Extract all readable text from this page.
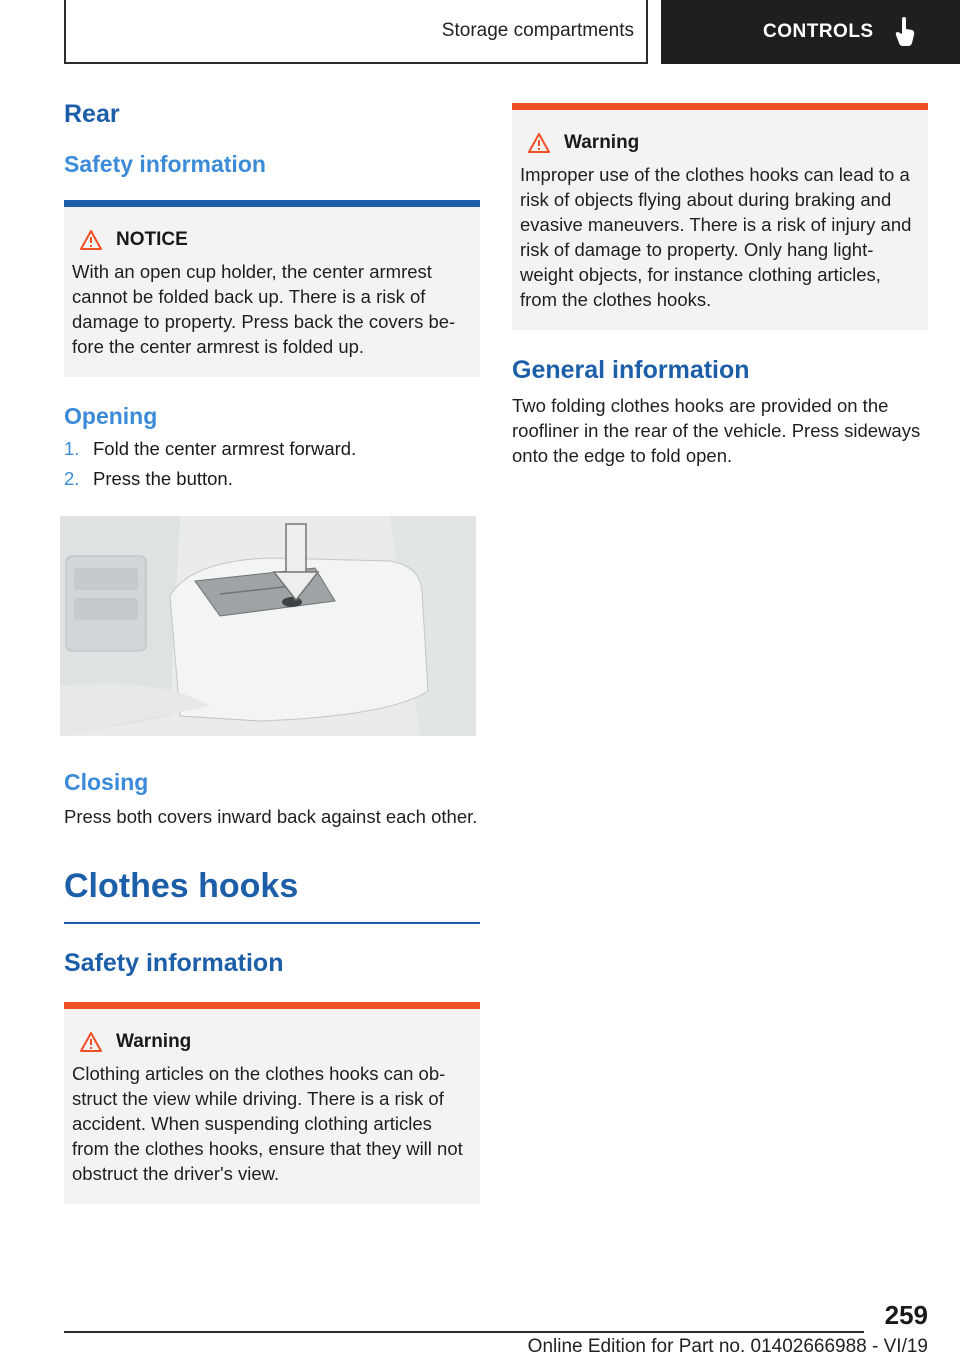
Storage compartments	CONTROLS
Rear
Safety information
NOTICE

With an open cup holder, the center armrest cannot be folded back up. There is a risk of damage to property. Press back the covers before the center armrest is folded up.

Opening
1. Fold the center armrest forward.
2. Press the button.
Closing

Press both covers inward back against each other.

Clothes hooks
Safety information
Warning

Clothing articles on the clothes hooks can obstruct the view while driving. There is a risk of accident. When suspending clothing articles from the clothes hooks, ensure that they will not obstruct the driver's view.

Warning

Improper use of the clothes hooks can lead to a risk of objects flying about during braking and evasive maneuvers. There is a risk of injury and risk of damage to property. Only hang lightweight objects, for instance clothing articles, from the clothes hooks.

General information

Two folding clothes hooks are provided on the roofliner in the rear of the vehicle. Press sideways onto the edge to fold open.

259
Online Edition for Part no. 01402666988 - VI/19
